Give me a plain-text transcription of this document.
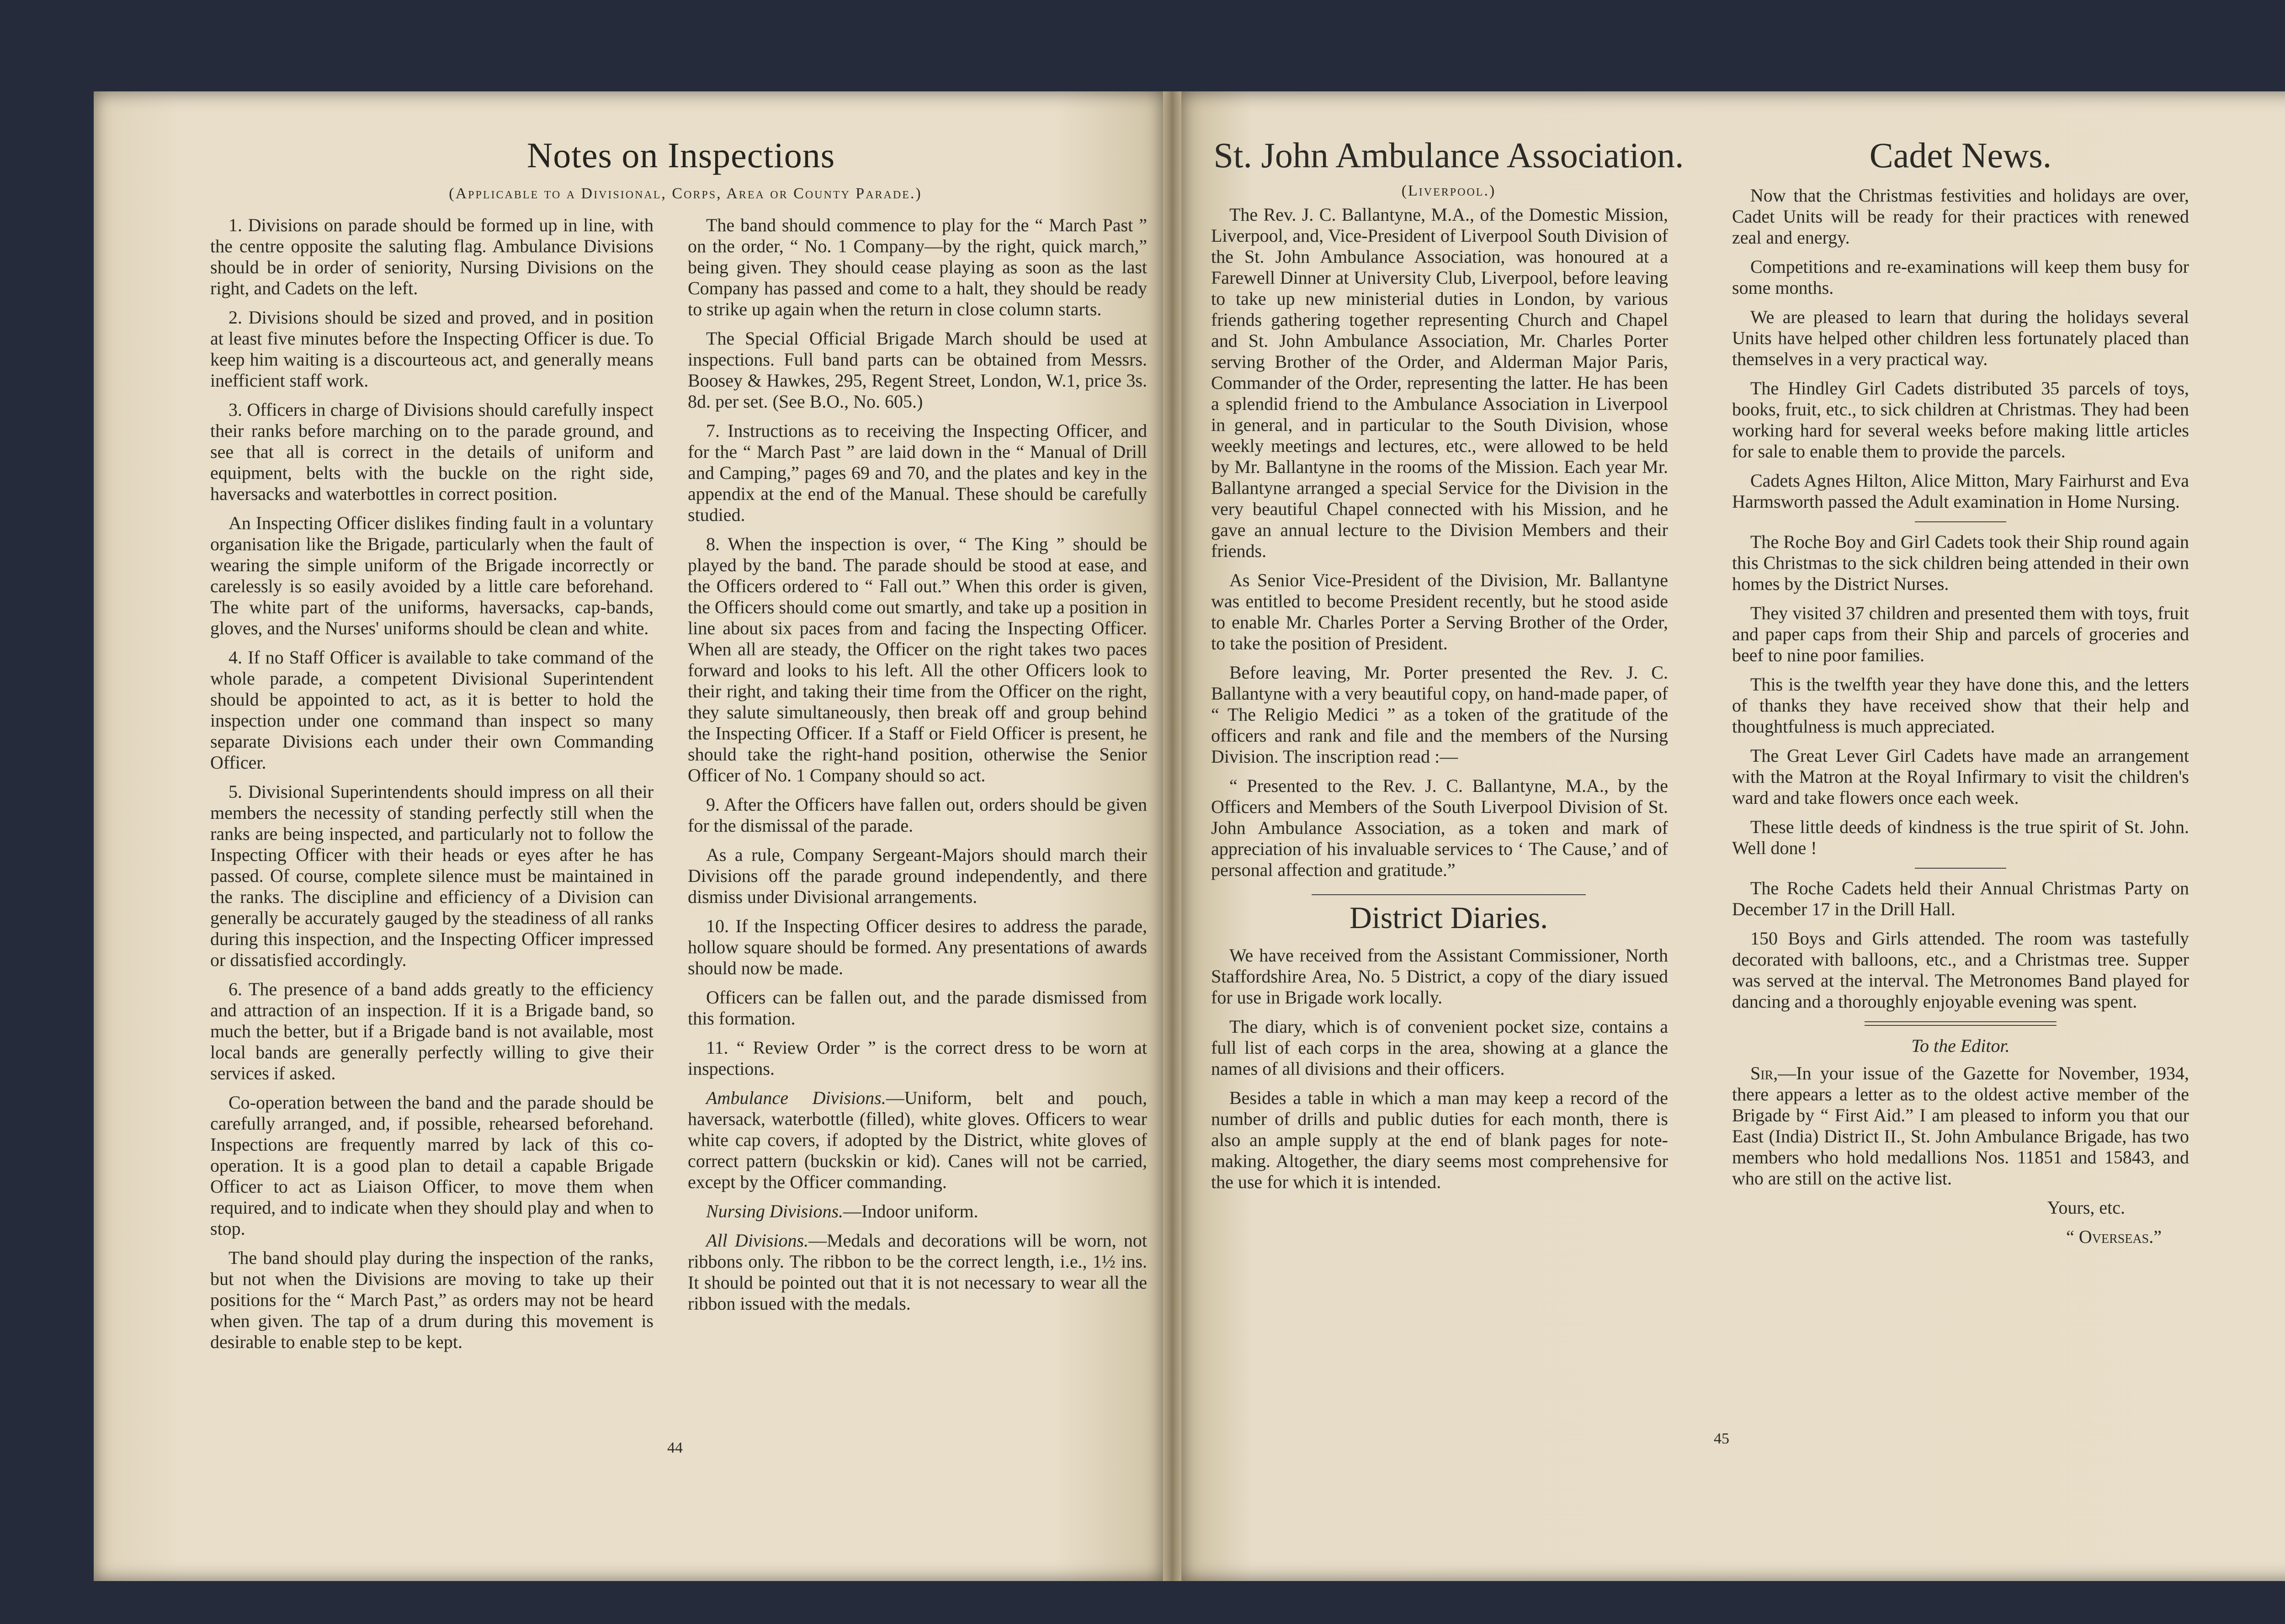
Notes on Inspections
(Applicable to a Divisional, Corps, Area or County Parade.)

1. Divisions on parade should be formed up in line, with the centre opposite the saluting flag. Ambulance Divisions should be in order of seniority, Nursing Divisions on the right, and Cadets on the left.

2. Divisions should be sized and proved, and in position at least five minutes before the Inspecting Officer is due. To keep him waiting is a discourteous act, and generally means inefficient staff work.

3. Officers in charge of Divisions should carefully inspect their ranks before marching on to the parade ground, and see that all is correct in the details of uniform and equipment, belts with the buckle on the right side, haversacks and waterbottles in correct position.

An Inspecting Officer dislikes finding fault in a voluntary organisation like the Brigade, particularly when the fault of wearing the simple uniform of the Brigade incorrectly or carelessly is so easily avoided by a little care beforehand. The white part of the uniforms, haversacks, cap-bands, gloves, and the Nurses' uniforms should be clean and white.

4. If no Staff Officer is available to take command of the whole parade, a competent Divisional Superintendent should be appointed to act, as it is better to hold the inspection under one command than inspect so many separate Divisions each under their own Commanding Officer.

5. Divisional Superintendents should impress on all their members the necessity of standing perfectly still when the ranks are being inspected, and particularly not to follow the Inspecting Officer with their heads or eyes after he has passed. Of course, complete silence must be maintained in the ranks. The discipline and efficiency of a Division can generally be accurately gauged by the steadiness of all ranks during this inspection, and the Inspecting Officer impressed or dissatisfied accordingly.

6. The presence of a band adds greatly to the efficiency and attraction of an inspection. If it is a Brigade band, so much the better, but if a Brigade band is not available, most local bands are generally perfectly willing to give their services if asked.

Co-operation between the band and the parade should be carefully arranged, and, if possible, rehearsed beforehand. Inspections are frequently marred by lack of this co-operation. It is a good plan to detail a capable Brigade Officer to act as Liaison Officer, to move them when required, and to indicate when they should play and when to stop.

The band should play during the inspection of the ranks, but not when the Divisions are moving to take up their positions for the “ March Past,” as orders may not be heard when given. The tap of a drum during this movement is desirable to enable step to be kept.

The band should commence to play for the “ March Past ” on the order, “ No. 1 Company—by the right, quick march,” being given. They should cease playing as soon as the last Company has passed and come to a halt, they should be ready to strike up again when the return in close column starts.

The Special Official Brigade March should be used at inspections. Full band parts can be obtained from Messrs. Boosey & Hawkes, 295, Regent Street, London, W.1, price 3s. 8d. per set. (See B.O., No. 605.)

7. Instructions as to receiving the Inspecting Officer, and for the “ March Past ” are laid down in the “ Manual of Drill and Camping,” pages 69 and 70, and the plates and key in the appendix at the end of the Manual. These should be carefully studied.

8. When the inspection is over, “ The King ” should be played by the band. The parade should be stood at ease, and the Officers ordered to “ Fall out.” When this order is given, the Officers should come out smartly, and take up a position in line about six paces from and facing the Inspecting Officer. When all are steady, the Officer on the right takes two paces forward and looks to his left. All the other Officers look to their right, and taking their time from the Officer on the right, they salute simultaneously, then break off and group behind the Inspecting Officer. If a Staff or Field Officer is present, he should take the right-hand position, otherwise the Senior Officer of No. 1 Company should so act.

9. After the Officers have fallen out, orders should be given for the dismissal of the parade.

As a rule, Company Sergeant-Majors should march their Divisions off the parade ground independently, and there dismiss under Divisional arrangements.

10. If the Inspecting Officer desires to address the parade, hollow square should be formed. Any presentations of awards should now be made.

Officers can be fallen out, and the parade dismissed from this formation.

11. “ Review Order ” is the correct dress to be worn at inspections.

Ambulance Divisions.—Uniform, belt and pouch, haversack, waterbottle (filled), white gloves. Officers to wear white cap covers, if adopted by the District, white gloves of correct pattern (buckskin or kid). Canes will not be carried, except by the Officer commanding.

Nursing Divisions.—Indoor uniform.

All Divisions.—Medals and decorations will be worn, not ribbons only. The ribbon to be the correct length, i.e., 1½ ins. It should be pointed out that it is not necessary to wear all the ribbon issued with the medals.

44
St. John Ambulance Association.
(Liverpool.)

The Rev. J. C. Ballantyne, M.A., of the Domestic Mission, Liverpool, and, Vice-President of Liverpool South Division of the St. John Ambulance Association, was honoured at a Farewell Dinner at University Club, Liverpool, before leaving to take up new ministerial duties in London, by various friends gathering together representing Church and Chapel and St. John Ambulance Association, Mr. Charles Porter serving Brother of the Order, and Alderman Major Paris, Commander of the Order, representing the latter. He has been a splendid friend to the Ambulance Association in Liverpool in general, and in particular to the South Division, whose weekly meetings and lectures, etc., were allowed to be held by Mr. Ballantyne in the rooms of the Mission. Each year Mr. Ballantyne arranged a special Service for the Division in the very beautiful Chapel connected with his Mission, and he gave an annual lecture to the Division Members and their friends.

As Senior Vice-President of the Division, Mr. Ballantyne was entitled to become President recently, but he stood aside to enable Mr. Charles Porter a Serving Brother of the Order, to take the position of President.

Before leaving, Mr. Porter presented the Rev. J. C. Ballantyne with a very beautiful copy, on hand-made paper, of “ The Religio Medici ” as a token of the gratitude of the officers and rank and file and the members of the Nursing Division. The inscription read :—

“ Presented to the Rev. J. C. Ballantyne, M.A., by the Officers and Members of the South Liverpool Division of St. John Ambulance Association, as a token and mark of appreciation of his invaluable services to ‘ The Cause,’ and of personal affection and gratitude.”

District Diaries.

We have received from the Assistant Commissioner, North Staffordshire Area, No. 5 District, a copy of the diary issued for use in Brigade work locally.

The diary, which is of convenient pocket size, contains a full list of each corps in the area, showing at a glance the names of all divisions and their officers.

Besides a table in which a man may keep a record of the number of drills and public duties for each month, there is also an ample supply at the end of blank pages for note-making. Altogether, the diary seems most comprehensive for the use for which it is intended.

Cadet News.

Now that the Christmas festivities and holidays are over, Cadet Units will be ready for their practices with renewed zeal and energy.

Competitions and re-examinations will keep them busy for some months.

We are pleased to learn that during the holidays several Units have helped other children less fortunately placed than themselves in a very practical way.

The Hindley Girl Cadets distributed 35 parcels of toys, books, fruit, etc., to sick children at Christmas. They had been working hard for several weeks before making little articles for sale to enable them to provide the parcels.

Cadets Agnes Hilton, Alice Mitton, Mary Fairhurst and Eva Harmsworth passed the Adult examination in Home Nursing.

The Roche Boy and Girl Cadets took their Ship round again this Christmas to the sick children being attended in their own homes by the District Nurses.

They visited 37 children and presented them with toys, fruit and paper caps from their Ship and parcels of groceries and beef to nine poor families.

This is the twelfth year they have done this, and the letters of thanks they have received show that their help and thoughtfulness is much appreciated.

The Great Lever Girl Cadets have made an arrangement with the Matron at the Royal Infirmary to visit the children's ward and take flowers once each week.

These little deeds of kindness is the true spirit of St. John. Well done !

The Roche Cadets held their Annual Christmas Party on December 17 in the Drill Hall.

150 Boys and Girls attended. The room was tastefully decorated with balloons, etc., and a Christmas tree. Supper was served at the interval. The Metronomes Band played for dancing and a thoroughly enjoyable evening was spent.

To the Editor.

Sir,—In your issue of the Gazette for November, 1934, there appears a letter as to the oldest active member of the Brigade by “ First Aid.” I am pleased to inform you that our East (India) District II., St. John Ambulance Brigade, has two members who hold medallions Nos. 11851 and 15843, and who are still on the active list.

Yours, etc.

“ Overseas.”

45
